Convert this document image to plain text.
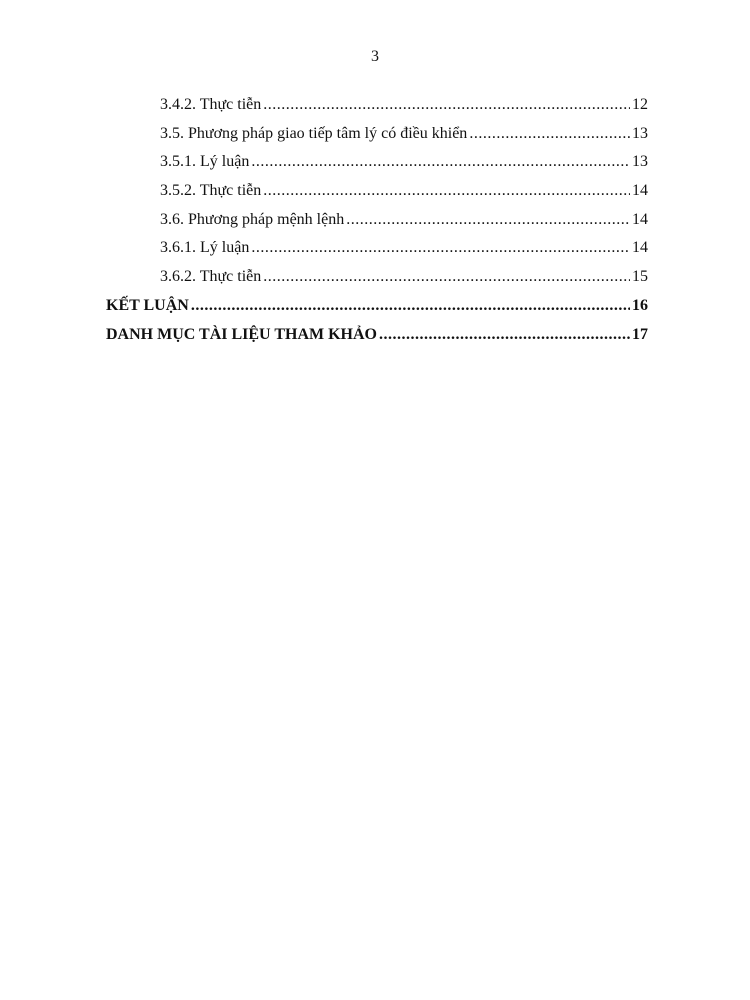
3
3.4.2. Thực tiễn .....	12
3.5. Phương pháp giao tiếp tâm lý có điều khiển .....	13
3.5.1. Lý luận .....	13
3.5.2. Thực tiễn .....	14
3.6. Phương pháp mệnh lệnh .....	14
3.6.1. Lý luận .....	14
3.6.2. Thực tiễn .....	15
KẾT LUẬN .....	16
DANH MỤC TÀI LIỆU THAM KHẢO .....	17
